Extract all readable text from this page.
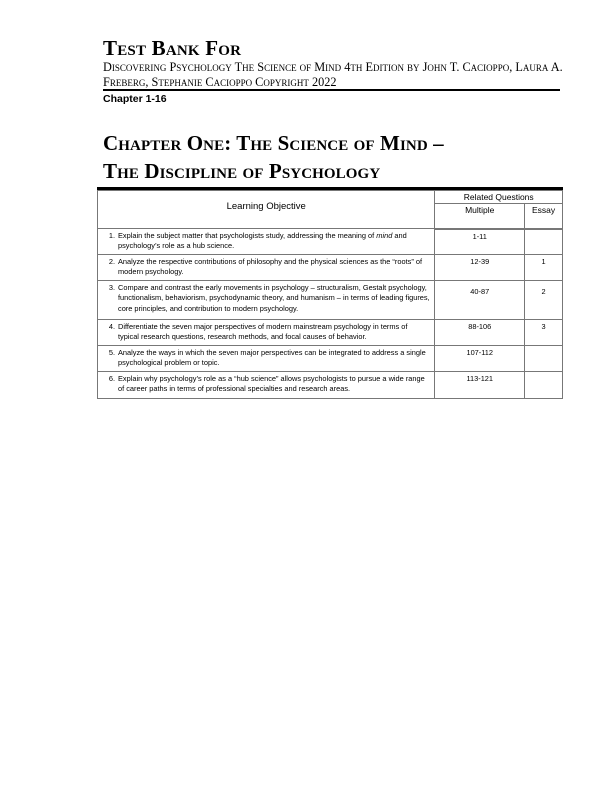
Test Bank For
Discovering Psychology The Science of Mind 4th Edition by John T. Cacioppo, Laura A. Freberg, Stephanie Cacioppo Copyright 2022
Chapter 1-16
Chapter One: The Science of Mind –
The Discipline of Psychology
Learning Objective	Related Questions	
	Multiple	Essay

1. Explain the subject matter that psychologists study, addressing the meaning of mind and psychology’s role as a hub science.	1-11	

2. Analyze the respective contributions of philosophy and the physical sciences as the “roots” of modern psychology.	12-39	1

3. Compare and contrast the early movements in psychology – structuralism, Gestalt psychology, functionalism, behaviorism, psychodynamic theory, and humanism – in terms of leading figures, core principles, and contribution to modern psychology.	40-87	2

4. Differentiate the seven major perspectives of modern mainstream psychology in terms of typical research questions, research methods, and focal causes of behavior.	88-106	3

5. Analyze the ways in which the seven major perspectives can be integrated to address a single psychological problem or topic.	107-112	

6. Explain why psychology’s role as a “hub science” allows psychologists to pursue a wide range of career paths in terms of professional specialties and research areas.	113-121	
